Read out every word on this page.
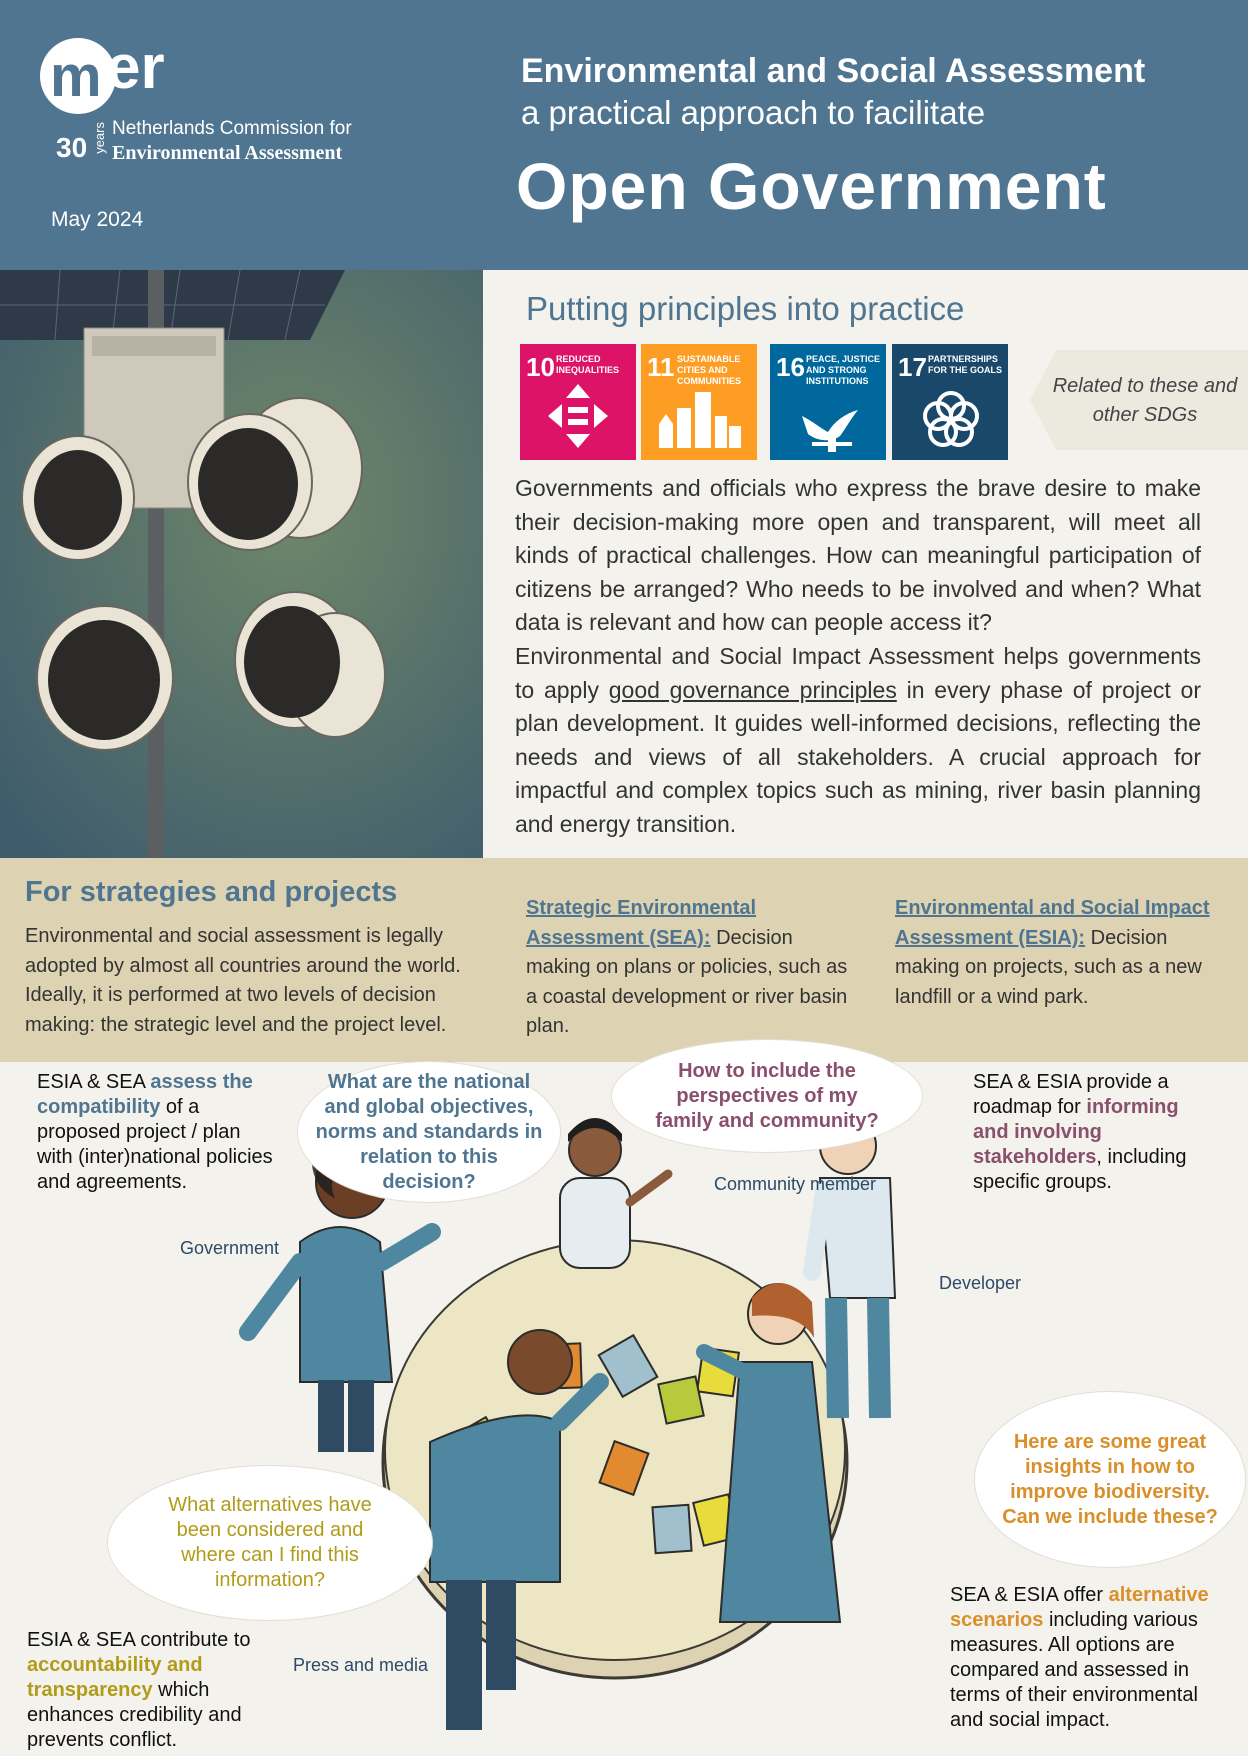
m er
30 years Netherlands Commission for
Environmental Assessment
May 2024
Environmental and Social Assessment
a practical approach to facilitate
Open Government
Putting principles into practice
10 REDUCED INEQUALITIES	11 SUSTAINABLE CITIES AND COMMUNITIES	16 PEACE, JUSTICE AND STRONG INSTITUTIONS	17 PARTNERSHIPS FOR THE GOALS
Related to these and other SDGs

Governments and officials who express the brave desire to make their decision-making more open and transparent, will meet all kinds of practical challenges. How can meaningful participation of citizens be arranged? Who needs to be involved and when? What data is relevant and how can people access it?

Environmental and Social Impact Assessment helps governments to apply good governance principles in every phase of project or plan development. It guides well-informed decisions, reflecting the needs and views of all stakeholders. A crucial approach for impactful and complex topics such as mining, river basin planning and energy transition.

For strategies and projects
Environmental and social assessment is legally adopted by almost all countries around the world. Ideally, it is performed at two levels of decision making: the strategic level and the project level.
Strategic Environmental Assessment (SEA): Decision making on plans or policies, such as a coastal development or river basin plan.
Environmental and Social Impact Assessment (ESIA): Decision making on projects, such as a new landfill or a wind park.
ESIA & SEA assess the compatibility of a proposed project / plan with (inter)national policies and agreements.
SEA & ESIA provide a roadmap for informing and involving stakeholders, including specific groups.
ESIA & SEA contribute to accountability and transparency which enhances credibility and prevents conflict.
SEA & ESIA offer alternative scenarios including various measures. All options are compared and assessed in terms of their environmental and social impact.
What are the national and global objectives, norms and standards in relation to this decision?
How to include the perspectives of my family and community?
What alternatives have been considered and where can I find this information?
Here are some great insights in how to improve biodiversity. Can we include these?
Government
Community member
Developer
Press and media
